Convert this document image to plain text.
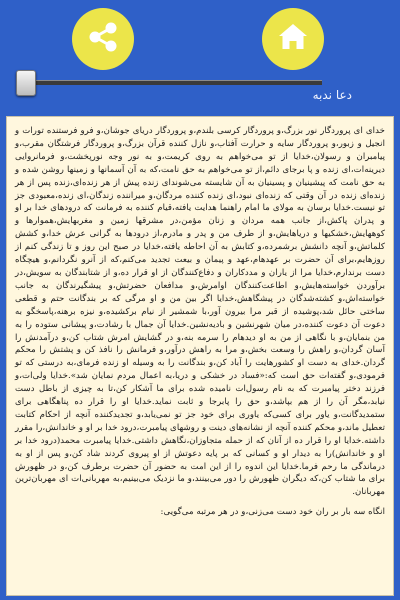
دعا ندبه

خدای ای پروردگار نور بزرگ،و پروردگار کرسی بلندم،و پروردگار دریای جوشان،و فرو فرستنده تورات و انجیل و زبور،و پروردگار سایه و حرارت آفتاب،و نازل کننده قرآن بزرگ،و پروردگار فرشتگان مقرب،و پیامبران و رسولان،خدایا از تو می‌خواهم به روی کریمت،و به نور وجه نورپخشت،و فرمانروایی دیرینه‌ات،ای زنده و پا برجای دائم،از تو می‌خواهم به حق نامت،که به آن آسمانها و زمینها روشن شده و به حق نامت که پیشینیان و پسینیان به آن شایسته می‌شوندای زنده پیش از هر زنده‌ای،زنده پس از هر زنده‌ای زنده در آن وقتی که زنده‌ای نبود،ای زنده کننده مردگان،و میراننده زندگان،ای زنده،معبودی جز تو نیست.خدایا برسان به مولای ما امام راهنما هدایت یافته،قیام کننده به فرمانت که درودهای خدا بر او و پدران پاکش،از جانب همه مردان و زنان مؤمن،در مشرقها زمین و مغربهایش،هموارها و کوههایش،خشکیها و دریاهایش،و از طرف من و پدر و مادرم،از درودها به گرانی عرش خدا،و کشش کلماتش،و آنچه دانشش برشمرده،و کتابش به آن احاطه یافته،خدایا در صبح این روز و تا زندگی کنم از روزهایم،برای آن حضرت بر عهدهام،عهد و پیمان و بیعت تجدید می‌کنم،که از آنرو نگردانم،و هیچگاه دست برندارم،خدایا مرا از یاران و مددکاران و دفاع‌کنندگان از او قرار ده،و از شتابندگان به سویش،در برآوردن خواسته‌هایش،و اطاعت‌کنندگان اوامرش،و مدافعان حضرتش،و پیشگیرندگان به جانب خواسته‌اش،و کشته‌شدگان در پیشگاهش،خدایا اگر بین من و او مرگی که بر بندگانت حتم و قطعی ساختی حائل شد،پوشیده از قبر مرا بیرون آور،با شمشیر از نیام برکشیده،و نیزه برهنه،پاسخگو به دعوت آن دعوت کننده،در میان شهرنشین و بادیه‌نشین.خدایا آن جمال با رشادت،و پیشانی ستوده را به من بنمایان،و با نگاهی از من به او دیدهام را سرمه بنه،و در گشایش امرش شتاب کن،و درآمدنش را آسان گردان،و راهش را وسعت بخش،و مرا به راهش درآور،و فرمانش را نافذ کن و پشتش را محکم گردان.خدای به دست او کشورهایت را آباد کن،و بندگانت را به وسیله او زنده فرمای،به درستی که تو فرمودی،و گفته‌ات حق است که:«فساد در خشکی و دریا،به اعمال مردم نمایان شد».خدایا ولی‌ات،و فرزند دختر پیامبرت که به نام رسول‌ات نامیده شده برای ما آشکار کن،تا به چیزی از باطل دست نیابد،مگر آن را از هم بپاشد،و حق را پابرجا و ثابت نماید.خدایا او را قرار ده پناهگاهی برای ستمدیدگانت،و یاور برای کسی‌که یاوری برای خود جز تو نمی‌یابد،و تجدیدکننده آنچه از احکام کتابت تعطیل ماند،و محکم کننده آنچه از نشانه‌های دینت و روشهای پیامبرت،درود خدا بر او و خاندانش،را مقرر داشته.خدایا او را قرار ده از آنان که از حمله متجاوزان،نگاهش داشتی.خدایا پیامبرت محمد(درود خدا بر او و خاندانش)را به دیدار او و کسانی که بر پایه دعوتش از او پیروی کردند شاد کن،و پس از او به درماندگی ما رحم فرما.خدایا این اندوه را از این امت به حضور آن حضرت برطرف کن،و در ظهورش برای ما شتاب کن،که دیگران ظهورش را دور می‌بینند،و ما نزدیک می‌بینیم،به مهربانی‌ات ای مهربان‌ترین مهربانان.

انگاه سه بار بر ران خود دست می‌زنی،و در هر مرتبه می‌گویی:
